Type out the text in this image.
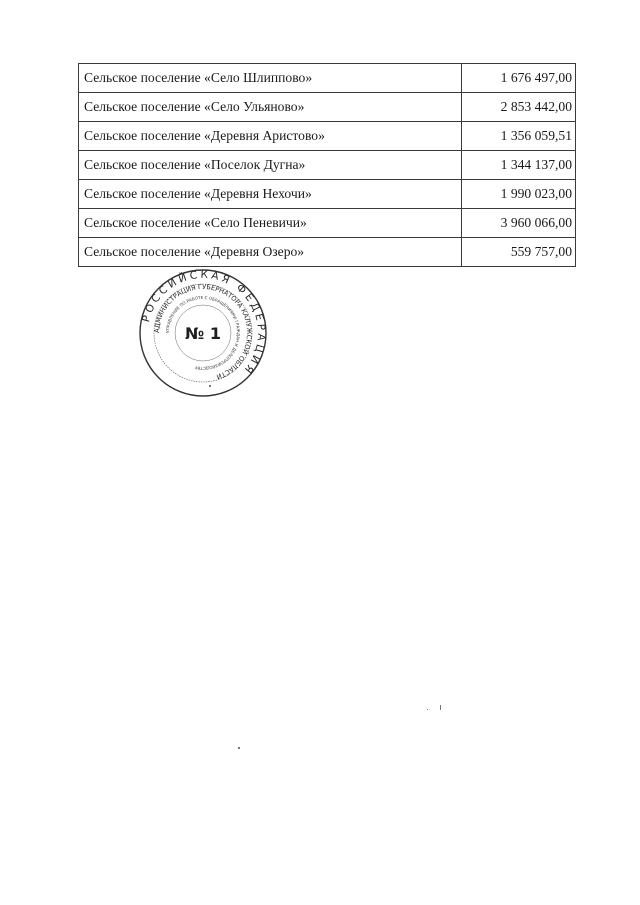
Сельское поселение «Село Шлиппово»	1 676 497,00
Сельское поселение «Село Ульяново»	2 853 442,00
Сельское поселение «Деревня Аристово»	1 356 059,51
Сельское поселение «Поселок Дугна»	1 344 137,00
Сельское поселение «Деревня Нехочи»	1 990 023,00
Сельское поселение «Село Пеневичи»	3 960 066,00
Сельское поселение «Деревня Озеро»	559 757,00
РОССИЙСКАЯ ФЕДЕРАЦИЯ
АДМИНИСТРАЦИЯ ГУБЕРНАТОРА КАЛУЖСКОЙ ОБЛАСТИ
УПРАВЛЕНИЕ ПО РАБОТЕ С ОБРАЩЕНИЯМИ ГРАЖДАН И ДЕЛОПРОИЗВОДСТВУ
№ 1
